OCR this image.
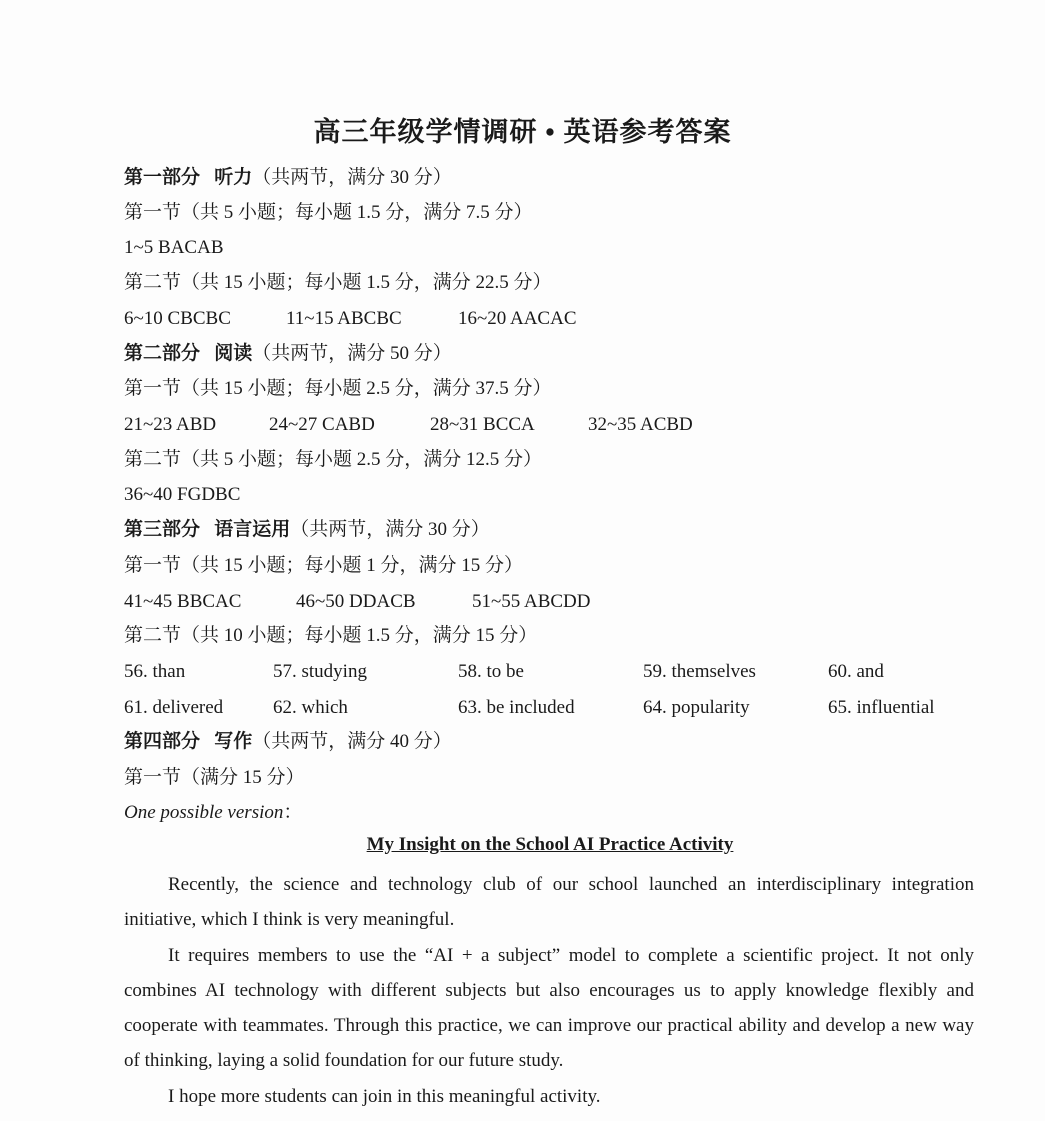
高三年级学情调研 • 英语参考答案
第一部分 听力（共两节，满分 30 分）
第一节（共 5 小题；每小题 1.5 分，满分 7.5 分）
1~5 BACAB
第二节（共 15 小题；每小题 1.5 分，满分 22.5 分）
6~10 CBCBC	11~15 ABCBC	16~20 AACAC
第二部分 阅读（共两节，满分 50 分）
第一节（共 15 小题；每小题 2.5 分，满分 37.5 分）
21~23 ABD	24~27 CABD	28~31 BCCA	32~35 ACBD
第二节（共 5 小题；每小题 2.5 分，满分 12.5 分）
36~40 FGDBC
第三部分 语言运用（共两节，满分 30 分）
第一节（共 15 小题；每小题 1 分，满分 15 分）
41~45 BBCAC	46~50 DDACB	51~55 ABCDD
第二节（共 10 小题；每小题 1.5 分，满分 15 分）
56. than	57. studying	58. to be	59. themselves	60. and
61. delivered	62. which	63. be included	64. popularity	65. influential
第四部分 写作（共两节，满分 40 分）
第一节（满分 15 分）
One possible version：
My Insight on the School AI Practice Activity
Recently, the science and technology club of our school launched an interdisciplinary integration initiative, which I think is very meaningful.
It requires members to use the “AI + a subject” model to complete a scientific project. It not only combines AI technology with different subjects but also encourages us to apply knowledge flexibly and cooperate with teammates. Through this practice, we can improve our practical ability and develop a new way of thinking, laying a solid foundation for our future study.
I hope more students can join in this meaningful activity.
